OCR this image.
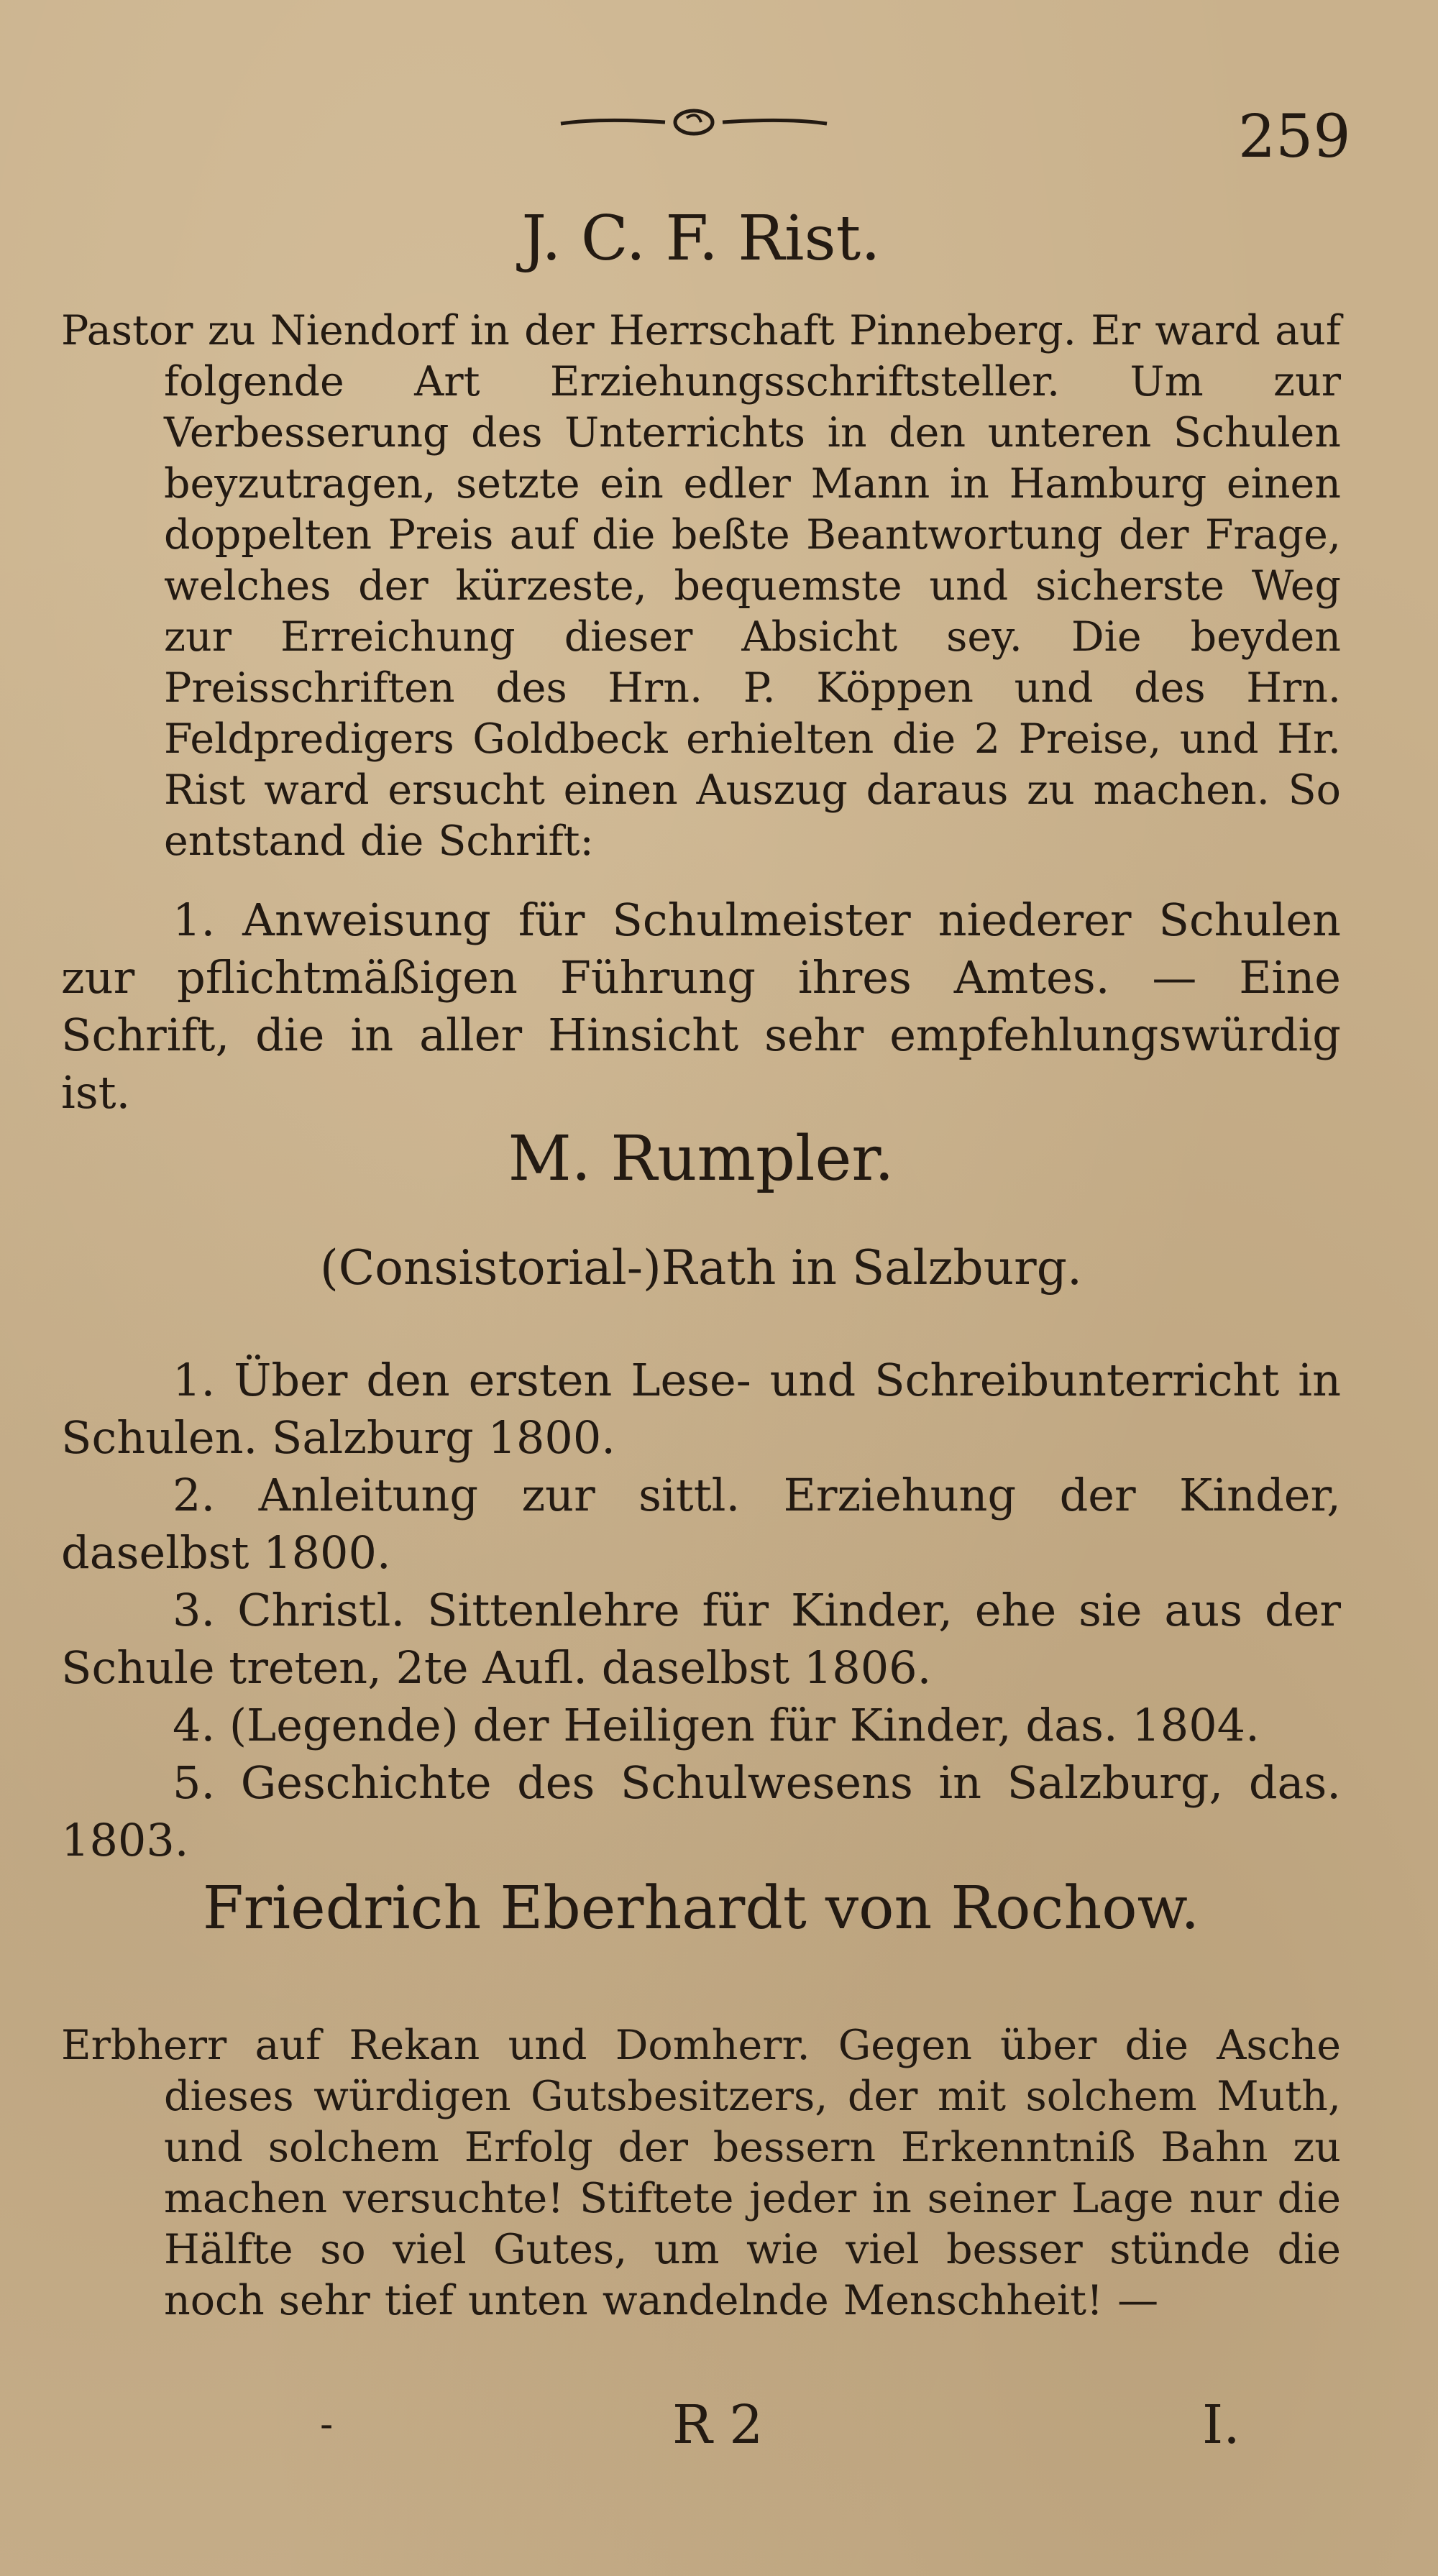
259
J. C. F. Rist.

Pastor zu Niendorf in der Herrschaft Pinneberg. Er ward auf folgende Art Erziehungsschriftsteller. Um zur Verbesserung des Unterrichts in den unteren Schulen beyzutragen, setzte ein edler Mann in Hamburg einen doppelten Preis auf die beßte Beantwortung der Frage, welches der kürzeste, bequemste und sicherste Weg zur Erreichung dieser Absicht sey. Die beyden Preisschriften des Hrn. P. Köppen und des Hrn. Feldpredigers Goldbeck erhielten die 2 Preise, und Hr. Rist ward ersucht einen Auszug daraus zu machen. So entstand die Schrift:

1. Anweisung für Schulmeister niederer Schulen zur pflichtmäßigen Führung ihres Amtes. — Eine Schrift, die in aller Hinsicht sehr empfehlungswürdig ist.

M. Rumpler.
(Consistorial-)Rath in Salzburg.

1. Über den ersten Lese- und Schreibunterricht in Schulen. Salzburg 1800.

2. Anleitung zur sittl. Erziehung der Kinder, daselbst 1800.

3. Christl. Sittenlehre für Kinder, ehe sie aus der Schule treten, 2te Aufl. daselbst 1806.

4. (Legende) der Heiligen für Kinder, das. 1804.

5. Geschichte des Schulwesens in Salzburg, das. 1803.

Friedrich Eberhardt von Rochow.

Erbherr auf Rekan und Domherr. Gegen über die Asche dieses würdigen Gutsbesitzers, der mit solchem Muth, und solchem Erfolg der bessern Erkenntniß Bahn zu machen versuchte! Stiftete jeder in seiner Lage nur die Hälfte so viel Gutes, um wie viel besser stünde die noch sehr tief unten wandelnde Menschheit! —

-	R 2	I.
